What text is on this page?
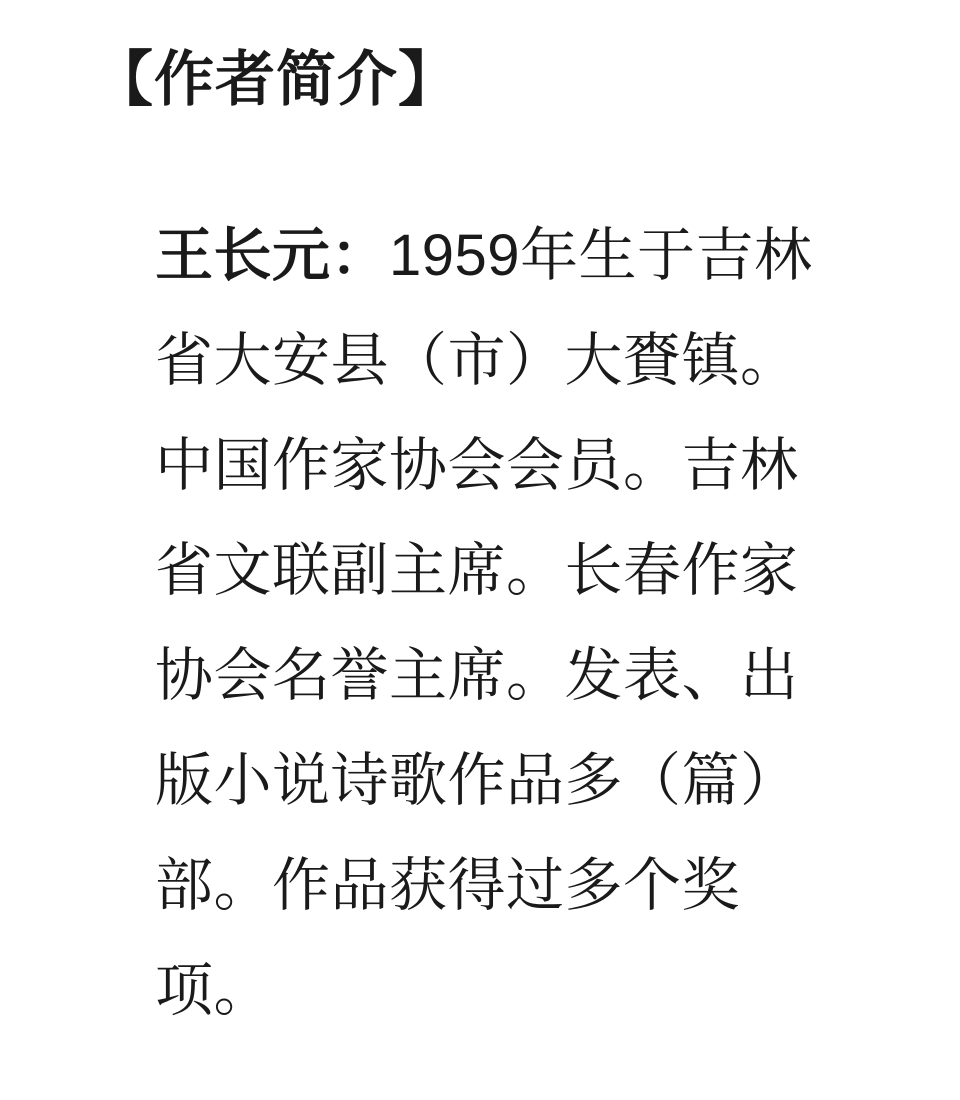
【作者简介】
王长元：1959年生于吉林
省大安县（市）大賚镇。
中国作家协会会员。吉林
省文联副主席。长春作家
协会名誉主席。发表、出
版小说诗歌作品多（篇）
部。作品获得过多个奖
项。
